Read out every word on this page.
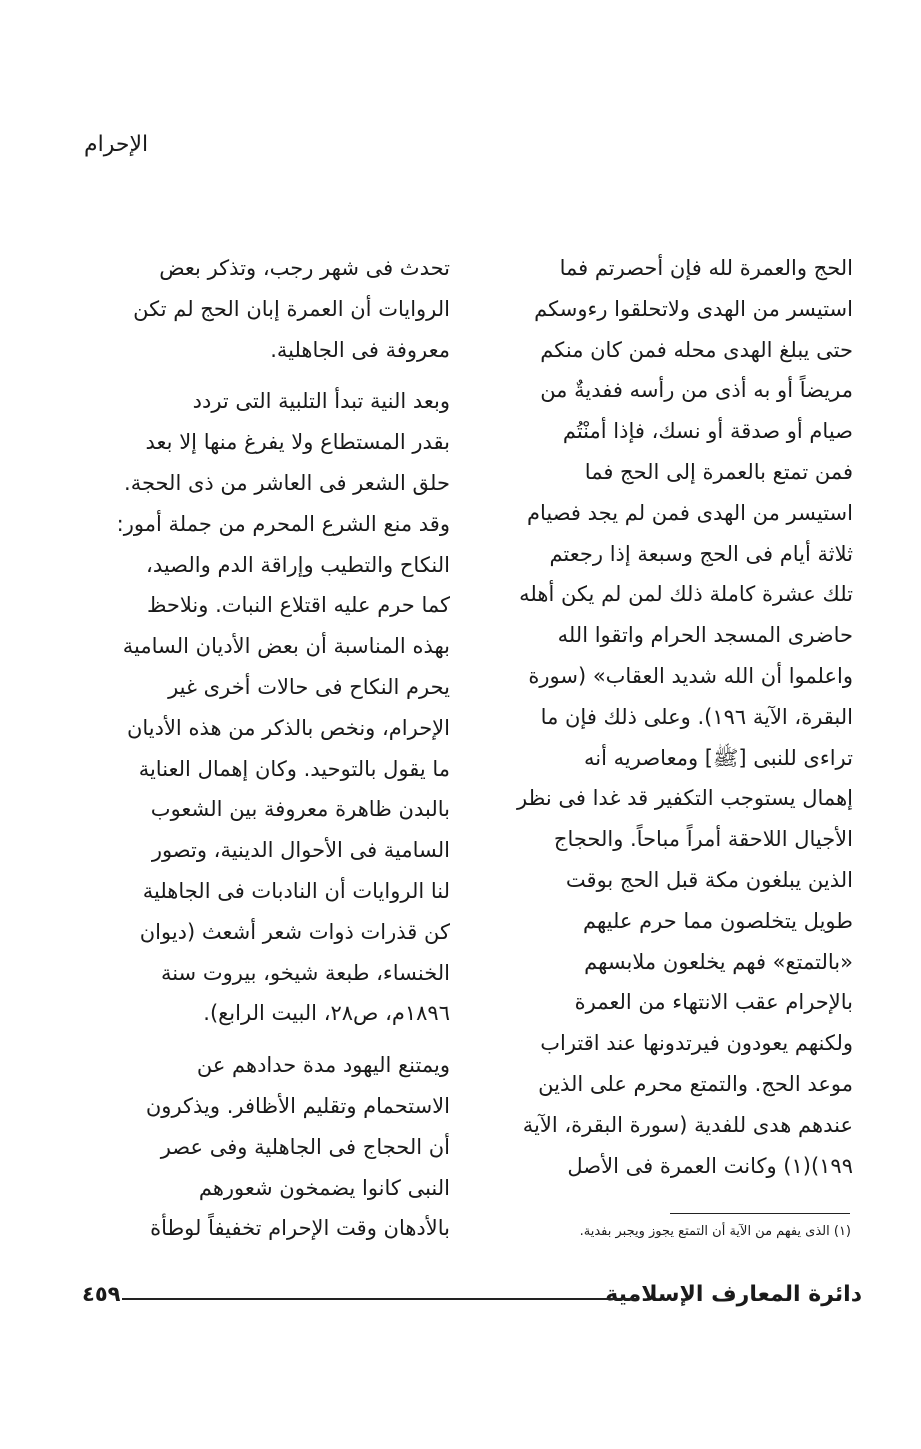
الإحرام
الحج والعمرة لله فإن أحصرتم فما
استيسر من الهدى ولاتحلقوا رءوسكم
حتى يبلغ الهدى محله فمن كان منكم
مريضاً أو به أذى من رأسه ففديةٌ من
صيام أو صدقة أو نسك، فإذا أمنْتُم
فمن تمتع بالعمرة إلى الحج فما
استيسر من الهدى فمن لم يجد فصيام
ثلاثة أيام فى الحج وسبعة إذا رجعتم
تلك عشرة كاملة ذلك لمن لم يكن أهله
حاضرى المسجد الحرام واتقوا الله
واعلموا أن الله شديد العقاب» (سورة
البقرة، الآية ١٩٦). وعلى ذلك فإن ما
تراءى للنبى [ﷺ] ومعاصريه أنه
إهمال يستوجب التكفير قد غدا فى نظر
الأجيال اللاحقة أمراً مباحاً. والحجاج
الذين يبلغون مكة قبل الحج بوقت
طويل يتخلصون مما حرم عليهم
«بالتمتع» فهم يخلعون ملابسهم
بالإحرام عقب الانتهاء من العمرة
ولكنهم يعودون فيرتدونها عند اقتراب
موعد الحج. والتمتع محرم على الذين
عندهم هدى للفدية (سورة البقرة، الآية
١٩٩)(١) وكانت العمرة فى الأصل
تحدث فى شهر رجب، وتذكر بعض
الروايات أن العمرة إبان الحج لم تكن
معروفة فى الجاهلية.
وبعد النية تبدأ التلبية التى تردد
بقدر المستطاع ولا يفرغ منها إلا بعد
حلق الشعر فى العاشر من ذى الحجة.
وقد منع الشرع المحرم من جملة أمور:
النكاح والتطيب وإراقة الدم والصيد،
كما حرم عليه اقتلاع النبات. ونلاحظ
بهذه المناسبة أن بعض الأديان السامية
يحرم النكاح فى حالات أخرى غير
الإحرام، ونخص بالذكر من هذه الأديان
ما يقول بالتوحيد. وكان إهمال العناية
بالبدن ظاهرة معروفة بين الشعوب
السامية فى الأحوال الدينية، وتصور
لنا الروايات أن النادبات فى الجاهلية
كن قذرات ذوات شعر أشعث (ديوان
الخنساء، طبعة شيخو، بيروت سنة
١٨٩٦م، ص٢٨، البيت الرابع).
ويمتنع اليهود مدة حدادهم عن
الاستحمام وتقليم الأظافر. ويذكرون
أن الحجاج فى الجاهلية وفى عصر
النبى كانوا يضمخون شعورهم
بالأدهان وقت الإحرام تخفيفاً لوطأة	(١) الذى يفهم من الآية أن التمتع يجوز ويجبر بفدية.
دائرة المعارف الإسلامية
٤٥٩
